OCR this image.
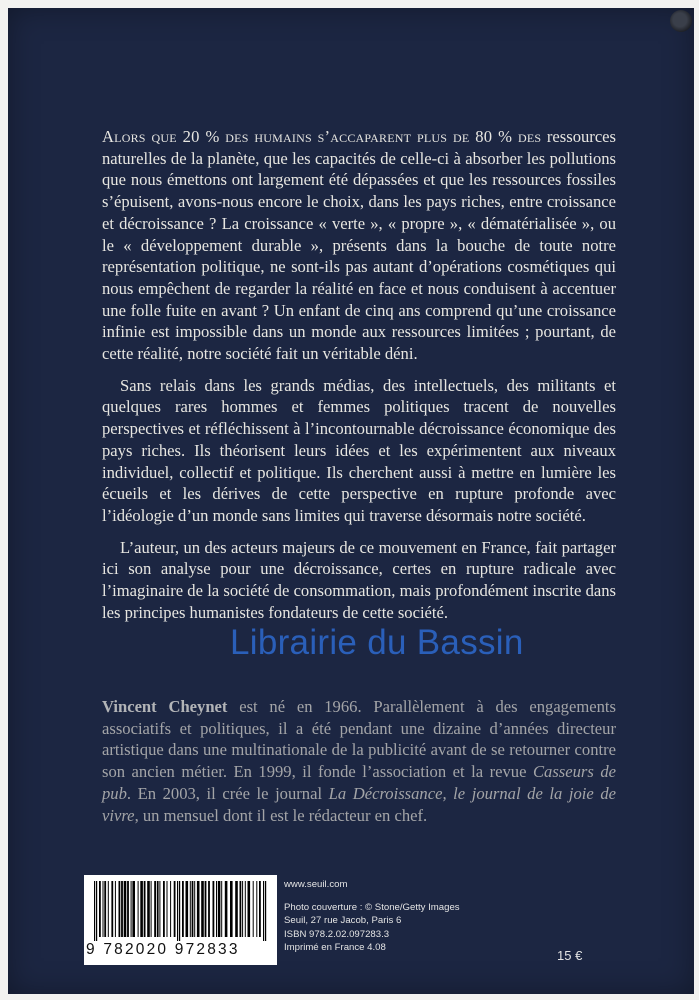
Alors que 20 % des humains s’accaparent plus de 80 % des ressources naturelles de la planète, que les capacités de celle-ci à absorber les pollutions que nous émettons ont largement été dépassées et que les ressources fossiles s’épuisent, avons-nous encore le choix, dans les pays riches, entre croissance et décroissance ? La croissance « verte », « propre », « dématérialisée », ou le « développement durable », présents dans la bouche de toute notre représentation politique, ne sont-ils pas autant d’opérations cosmétiques qui nous empêchent de regarder la réalité en face et nous conduisent à accentuer une folle fuite en avant ? Un enfant de cinq ans comprend qu’une croissance infinie est impossible dans un monde aux ressources limitées ; pourtant, de cette réalité, notre société fait un véritable déni.

Sans relais dans les grands médias, des intellectuels, des militants et quelques rares hommes et femmes politiques tracent de nouvelles perspectives et réfléchissent à l’incontournable décroissance économique des pays riches. Ils théorisent leurs idées et les expérimentent aux niveaux individuel, collectif et politique. Ils cherchent aussi à mettre en lumière les écueils et les dérives de cette perspective en rupture profonde avec l’idéologie d’un monde sans limites qui traverse désormais notre société.

L’auteur, un des acteurs majeurs de ce mouvement en France, fait partager ici son analyse pour une décroissance, certes en rupture radicale avec l’imaginaire de la société de consommation, mais profondément inscrite dans les principes humanistes fondateurs de cette société.

Vincent Cheynet est né en 1966. Parallèlement à des engagements associatifs et politiques, il a été pendant une dizaine d’années directeur artistique dans une multinationale de la publicité avant de se retourner contre son ancien métier. En 1999, il fonde l’association et la revue Casseurs de pub. En 2003, il crée le journal La Décroissance, le journal de la joie de vivre, un mensuel dont il est le rédacteur en chef.

Librairie du Bassin
9 782020 972833
www.seuil.com
Photo couverture : © Stone/Getty Images
Seuil, 27 rue Jacob, Paris 6
ISBN 978.2.02.097283.3
Imprimé en France 4.08
15 €
